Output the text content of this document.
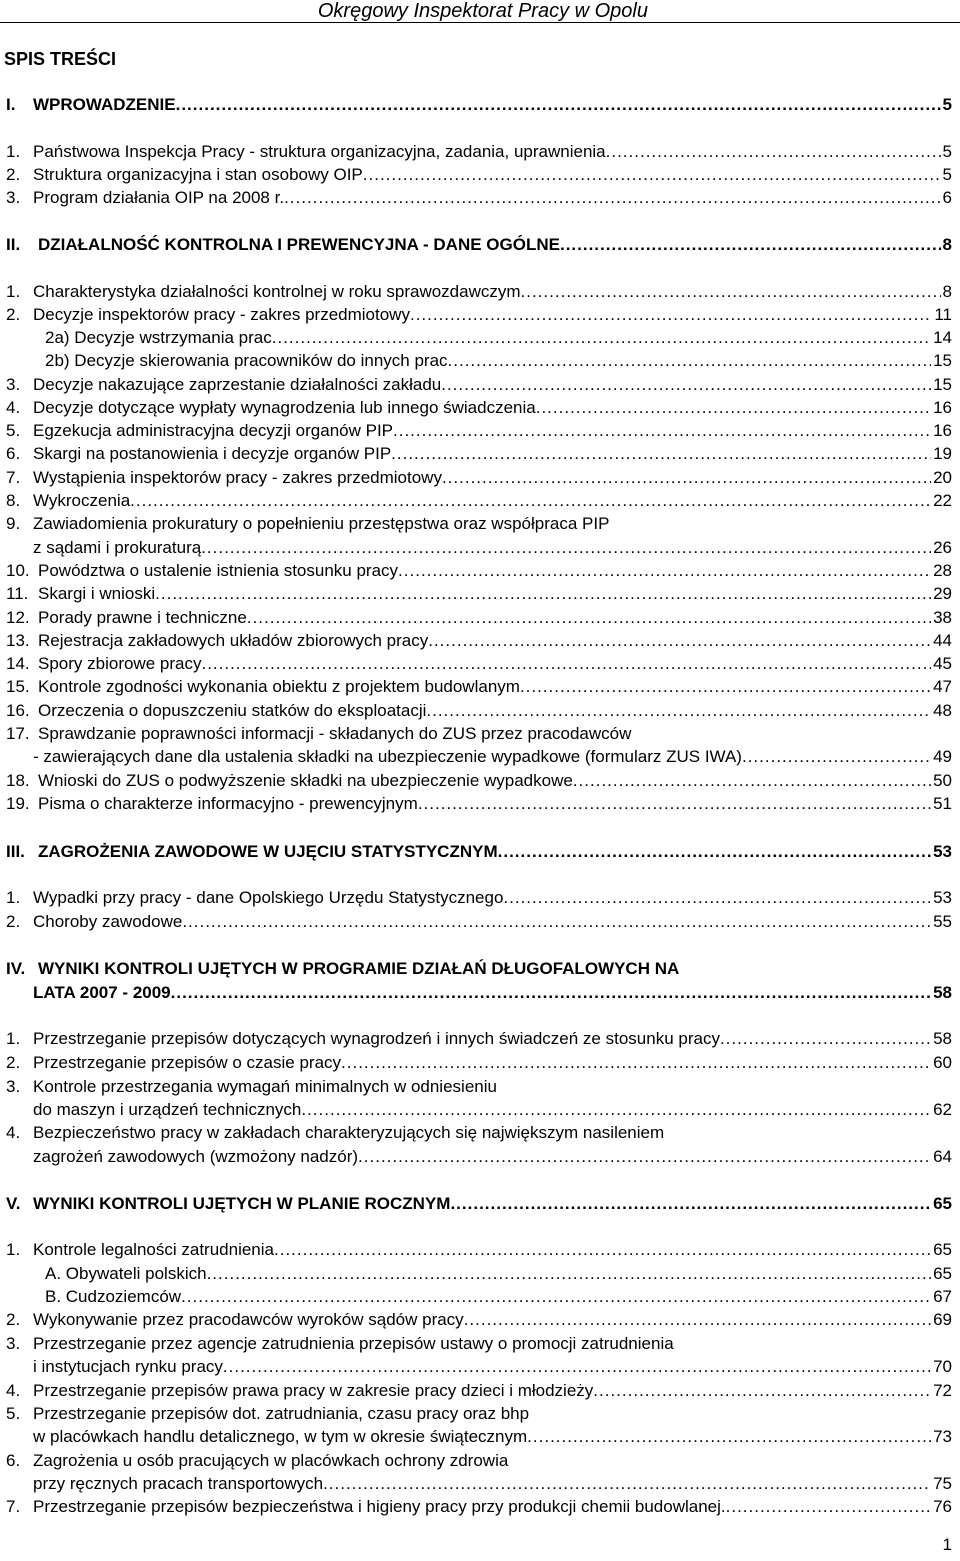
Okręgowy Inspektorat Pracy w Opolu
SPIS TREŚCI
I. WPROWADZENIE .....	5
1. Państwowa Inspekcja Pracy - struktura organizacyjna, zadania, uprawnienia .....	5
2. Struktura organizacyjna i stan osobowy OIP .....	5
3. Program działania OIP na 2008 r. .....	6
II. DZIAŁALNOŚĆ KONTROLNA I PREWENCYJNA - DANE OGÓLNE .....	8
1. Charakterystyka działalności kontrolnej w roku sprawozdawczym .....	8
2. Decyzje inspektorów pracy - zakres przedmiotowy .....	11
2a) Decyzje wstrzymania prac .....	14
2b) Decyzje skierowania pracowników do innych prac .....	15
3. Decyzje nakazujące zaprzestanie działalności zakładu .....	15
4. Decyzje dotyczące wypłaty wynagrodzenia lub innego świadczenia .....	16
5. Egzekucja administracyjna decyzji organów PIP .....	16
6. Skargi na postanowienia i decyzje organów PIP .....	19
7. Wystąpienia inspektorów pracy - zakres przedmiotowy .....	20
8. Wykroczenia .....	22
9. Zawiadomienia prokuratury o popełnieniu przestępstwa oraz współpraca PIP
z sądami i prokuraturą .....	26
10. Powództwa o ustalenie istnienia stosunku pracy .....	28
11. Skargi i wnioski .....	29
12. Porady prawne i techniczne .....	38
13. Rejestracja zakładowych układów zbiorowych pracy .....	44
14. Spory zbiorowe pracy .....	45
15. Kontrole zgodności wykonania obiektu z projektem budowlanym .....	47
16. Orzeczenia o dopuszczeniu statków do eksploatacji .....	48
17. Sprawdzanie poprawności informacji - składanych do ZUS przez pracodawców
- zawierających dane dla ustalenia składki na ubezpieczenie wypadkowe (formularz ZUS IWA) .....	49
18. Wnioski do ZUS o podwyższenie składki na ubezpieczenie wypadkowe .....	50
19. Pisma o charakterze informacyjno - prewencyjnym .....	51
III. ZAGROŻENIA ZAWODOWE W UJĘCIU STATYSTYCZNYM .....	53
1. Wypadki przy pracy - dane Opolskiego Urzędu Statystycznego .....	53
2. Choroby zawodowe .....	55
IV. WYNIKI KONTROLI UJĘTYCH W PROGRAMIE DZIAŁAŃ DŁUGOFALOWYCH NA
LATA 2007 - 2009 .....	58
1. Przestrzeganie przepisów dotyczących wynagrodzeń i innych świadczeń ze stosunku pracy .....	58
2. Przestrzeganie przepisów o czasie pracy .....	60
3. Kontrole przestrzegania wymagań minimalnych w odniesieniu
do maszyn i urządzeń technicznych .....	62
4. Bezpieczeństwo pracy w zakładach charakteryzujących się największym nasileniem
zagrożeń zawodowych (wzmożony nadzór) .....	64
V. WYNIKI KONTROLI UJĘTYCH W PLANIE ROCZNYM .....	65
1. Kontrole legalności zatrudnienia .....	65
A. Obywateli polskich .....	65
B. Cudzoziemców .....	67
2. Wykonywanie przez pracodawców wyroków sądów pracy .....	69
3. Przestrzeganie przez agencje zatrudnienia przepisów ustawy o promocji zatrudnienia
i instytucjach rynku pracy .....	70
4. Przestrzeganie przepisów prawa pracy w zakresie pracy dzieci i młodzieży .....	72
5. Przestrzeganie przepisów dot. zatrudniania, czasu pracy oraz bhp
w placówkach handlu detalicznego, w tym w okresie świątecznym .....	73
6. Zagrożenia u osób pracujących w placówkach ochrony zdrowia
przy ręcznych pracach transportowych .....	75
7. Przestrzeganie przepisów bezpieczeństwa i higieny pracy przy produkcji chemii budowlanej. .....	76
1
